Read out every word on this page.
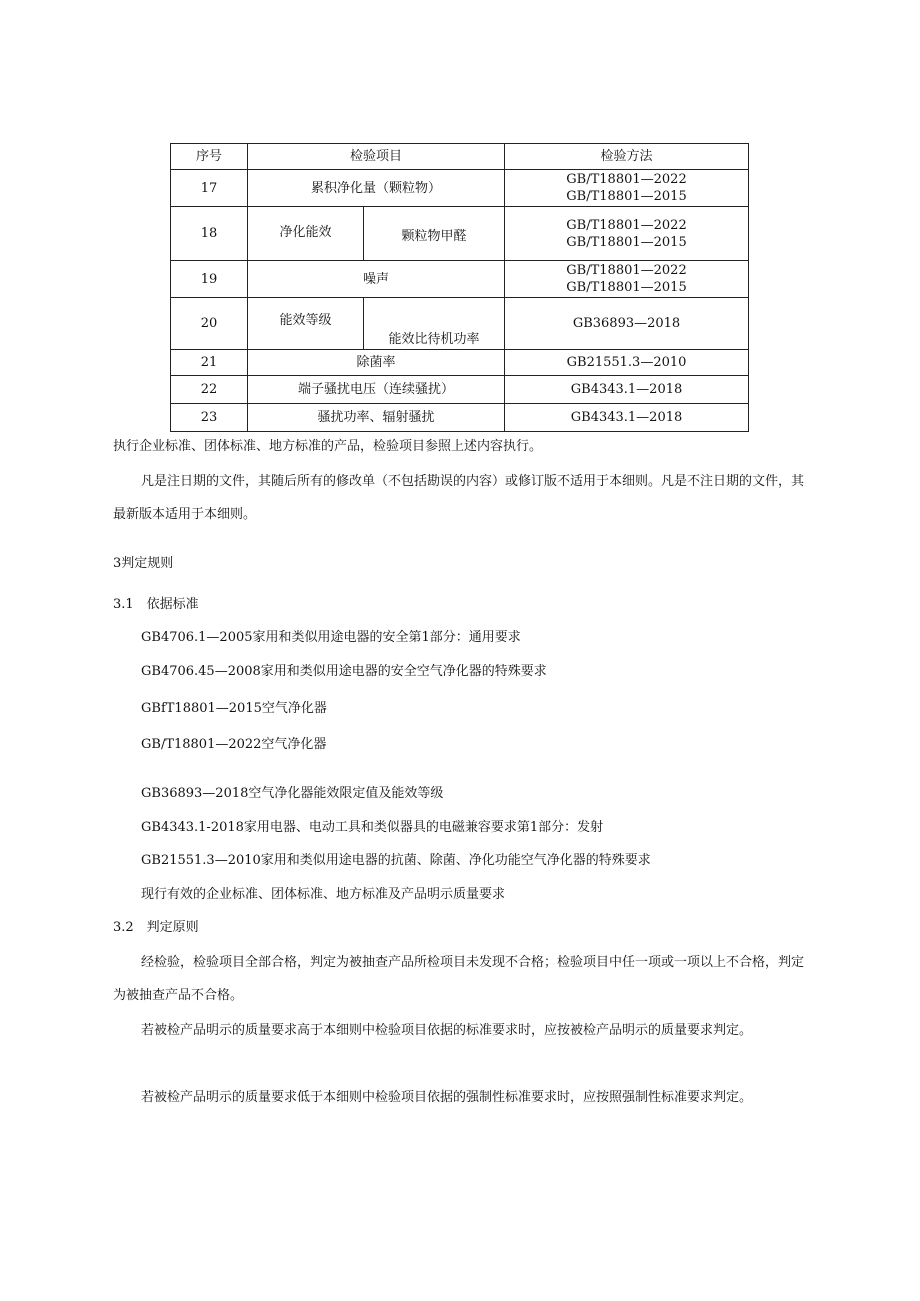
序号	检验项目		检验方法
17	累积净化量（颗粒物）		GB/T18801—2022
GB/T18801—2015

18	净化能效	颗粒物甲醛	GB/T18801—2022
GB/T18801—2015

19	噪声		GB/T18801—2022
GB/T18801—2015

20	能效等级	能效比待机功率	GB36893—2018

21	除菌率		GB21551.3—2010

22	端子骚扰电压（连续骚扰）		GB4343.1—2018

23	骚扰功率、辐射骚扰		GB4343.1—2018
执行企业标准、团体标准、地方标准的产品，检验项目参照上述内容执行。
凡是注日期的文件，其随后所有的修改单（不包括勘误的内容）或修订版不适用于本细则。凡是不注日期的文件，其最新版本适用于本细则。
3判定规则
3.1　依据标准
GB4706.1—2005家用和类似用途电器的安全第1部分：通用要求
GB4706.45—2008家用和类似用途电器的安全空气净化器的特殊要求
GBfT18801—2015空气净化器
GB/T18801—2022空气净化器
GB36893—2018空气净化器能效限定值及能效等级
GB4343.1-2018家用电器、电动工具和类似器具的电磁兼容要求第1部分：发射
GB21551.3—2010家用和类似用途电器的抗菌、除菌、净化功能空气净化器的特殊要求
现行有效的企业标准、团体标准、地方标准及产品明示质量要求
3.2　判定原则
经检验，检验项目全部合格，判定为被抽查产品所检项目未发现不合格；检验项目中任一项或一项以上不合格，判定为被抽查产品不合格。
若被检产品明示的质量要求高于本细则中检验项目依据的标准要求时，应按被检产品明示的质量要求判定。
若被检产品明示的质量要求低于本细则中检验项目依据的强制性标准要求时，应按照强制性标准要求判定。
